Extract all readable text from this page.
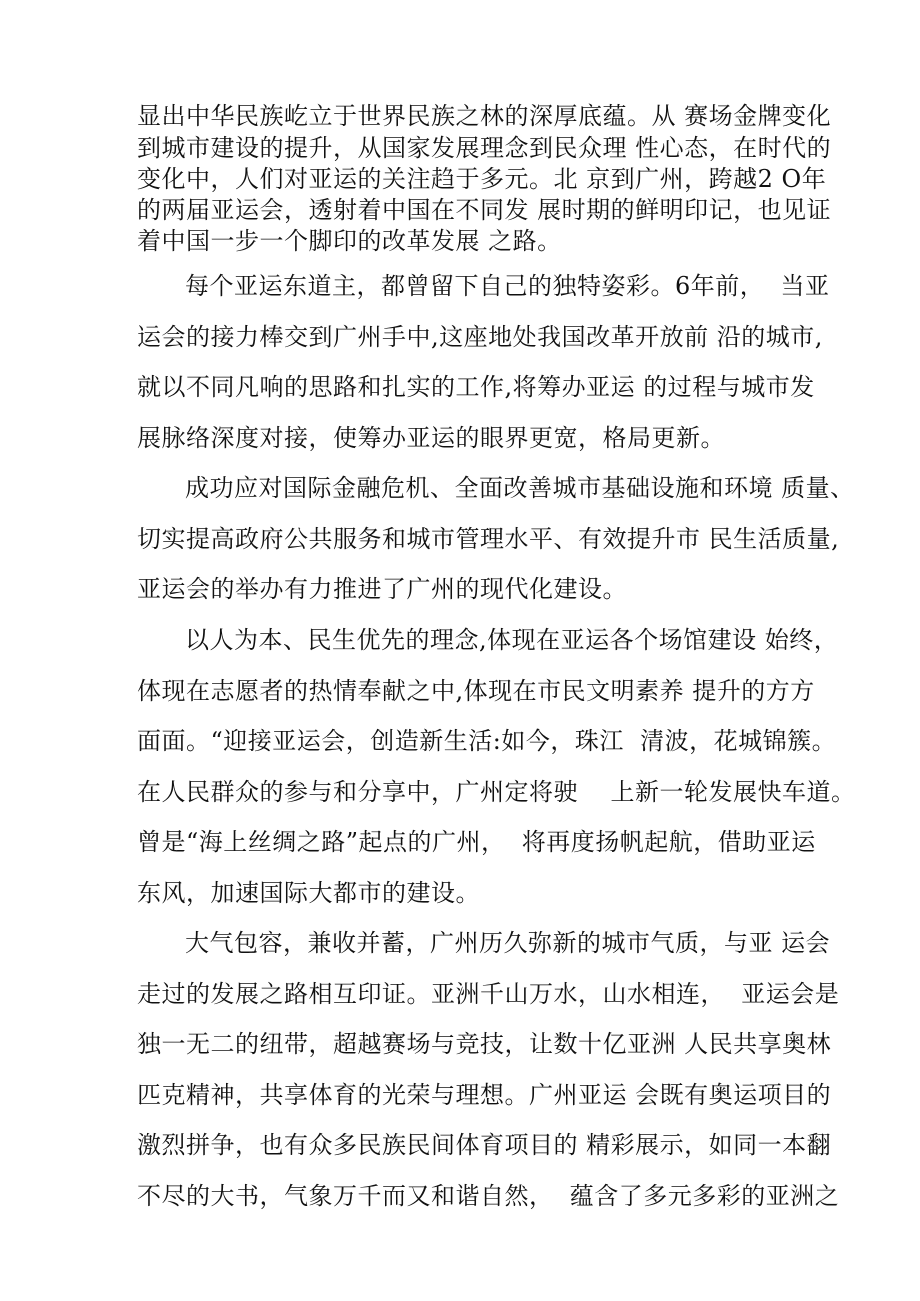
显出中华民族屹立于世界民族之林的深厚底蕴。从 赛场金牌变化
到城市建设的提升，从国家发展理念到民众理 性心态，在时代的
变化中，人们对亚运的关注趋于多元。北 京到广州，跨越2 O年
的两届亚运会，透射着中国在不同发 展时期的鲜明印记，也见证
着中国一步一个脚印的改革发展 之路。
每个亚运东道主，都曾留下自己的独特姿彩。6年前，  当亚
运会的接力棒交到广州手中,这座地处我国改革开放前 沿的城市,
就以不同凡响的思路和扎实的工作,将筹办亚运 的过程与城市发
展脉络深度对接，使筹办亚运的眼界更宽，格局更新。
成功应对国际金融危机、全面改善城市基础设施和环境 质量、
切实提高政府公共服务和城市管理水平、有效提升市 民生活质量,
亚运会的举办有力推进了广州的现代化建设。
以人为本、民生优先的理念,体现在亚运各个场馆建设 始终，
体现在志愿者的热情奉献之中,体现在市民文明素养 提升的方方
面面。“迎接亚运会，创造新生活:如今，珠江  清波，花城锦簇。
在人民群众的参与和分享中，广州定将驶    上新一轮发展快车道。
曾是“海上丝绸之路”起点的广州，  将再度扬帆起航，借助亚运
东风，加速国际大都市的建设。
大气包容，兼收并蓄，广州历久弥新的城市气质，与亚 运会
走过的发展之路相互印证。亚洲千山万水，山水相连，  亚运会是
独一无二的纽带，超越赛场与竞技，让数十亿亚洲 人民共享奥林
匹克精神，共享体育的光荣与理想。广州亚运 会既有奥运项目的
激烈拼争，也有众多民族民间体育项目的 精彩展示，如同一本翻
不尽的大书，气象万千而又和谐自然，  蕴含了多元多彩的亚洲之
